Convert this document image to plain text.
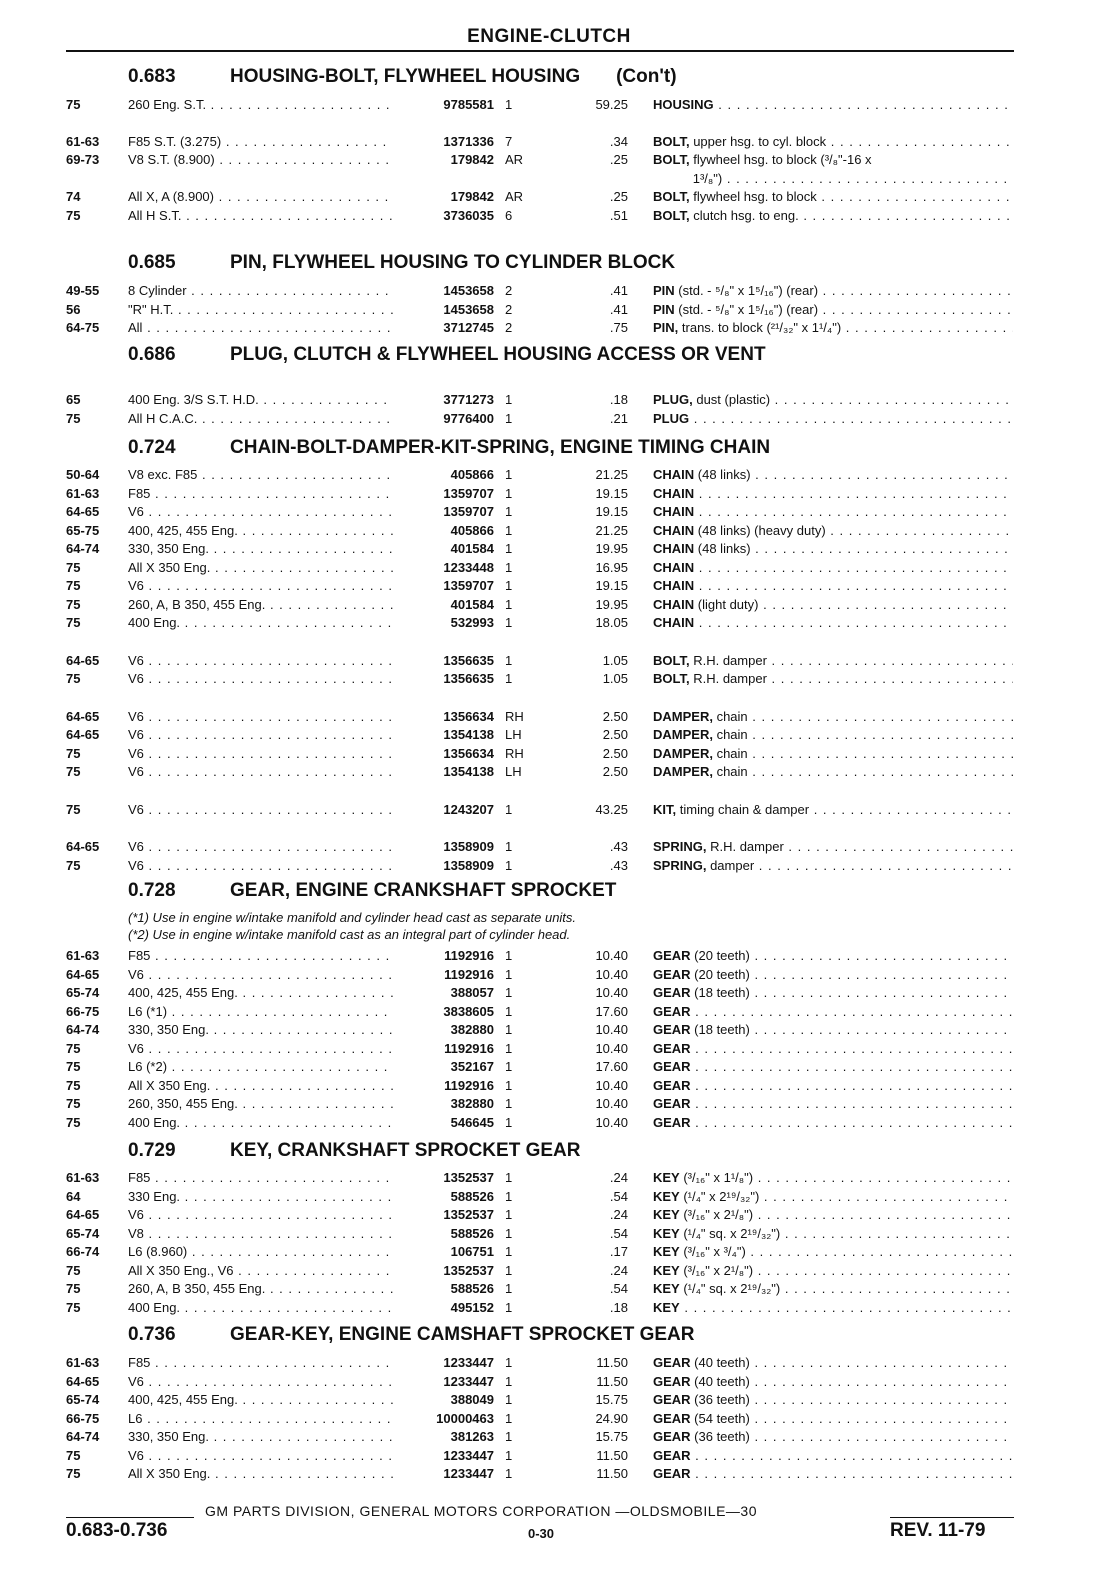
ENGINE-CLUTCH
0.683	HOUSING-BOLT, FLYWHEEL HOUSING (Con't)
75	260 Eng. S.T. . . .	9785581 1	59.25 HOUSING . . .
61-63 F85 S.T. (3.275) . . .	1371336 7	.34 BOLT, upper hsg. to cyl. block . . .
69-73 V8 S.T. (8.900) . . .	179842 AR	.25 BOLT, flywheel hsg. to block (³/₈"-16 x
1³/₈") . . .
74	All X, A (8.900) . . .	179842 AR	.25 BOLT, flywheel hsg. to block . . .
75	All H S.T. . . .	3736035 6	.51 BOLT, clutch hsg. to eng. . . .
0.685	PIN, FLYWHEEL HOUSING TO CYLINDER BLOCK
49-55 8 Cylinder . . .	1453658 2	.41 PIN (std. - ⁵/₈" x 1⁵/₁₆") (rear) . . .
56	"R" H.T. . . .	1453658 2	.41 PIN (std. - ⁵/₈" x 1⁵/₁₆") (rear) . . .
64-75 All . . .	3712745 2	.75 PIN, trans. to block (²¹/₃₂" x 1¹/₄") . . .
0.686	PLUG, CLUTCH & FLYWHEEL HOUSING ACCESS OR VENT
65	400 Eng. 3/S S.T. H.D. . . .	3771273 1	.18 PLUG, dust (plastic) . . .
75	All H C.A.C. . . .	9776400 1	.21 PLUG . . .
0.724	CHAIN-BOLT-DAMPER-KIT-SPRING, ENGINE TIMING CHAIN
50-64 V8 exc. F85 . . .	405866 1	21.25 CHAIN (48 links) . . .
61-63 F85 . . .	1359707 1	19.15 CHAIN . . .
64-65 V6 . . .	1359707 1	19.15 CHAIN . . .
65-75 400, 425, 455 Eng. . . .	405866 1	21.25 CHAIN (48 links) (heavy duty) . . .
64-74 330, 350 Eng. . . .	401584 1	19.95 CHAIN (48 links) . . .
75	All X 350 Eng. . . .	1233448 1	16.95 CHAIN . . .
75	V6 . . .	1359707 1	19.15 CHAIN . . .
75	260, A, B 350, 455 Eng. . . .	401584 1	19.95 CHAIN (light duty) . . .
75	400 Eng. . . .	532993 1	18.05 CHAIN . . .
64-65 V6 . . .	1356635 1	1.05 BOLT, R.H. damper . . .
75	V6 . . .	1356635 1	1.05 BOLT, R.H. damper . . .
64-65 V6 . . .	1356634 RH	2.50 DAMPER, chain . . .
64-65 V6 . . .	1354138 LH	2.50 DAMPER, chain . . .
75	V6 . . .	1356634 RH	2.50 DAMPER, chain . . .
75	V6 . . .	1354138 LH	2.50 DAMPER, chain . . .
75	V6 . . .	1243207 1	43.25 KIT, timing chain & damper . . .
64-65 V6 . . .	1358909 1	.43 SPRING, R.H. damper . . .
75	V6 . . .	1358909 1	.43 SPRING, damper . . .
0.728	GEAR, ENGINE CRANKSHAFT SPROCKET
(*1) Use in engine w/intake manifold and cylinder head cast as separate units.
(*2) Use in engine w/intake manifold cast as an integral part of cylinder head.
61-63 F85 . . .	1192916 1	10.40 GEAR (20 teeth) . . .
64-65 V6 . . .	1192916 1	10.40 GEAR (20 teeth) . . .
65-74 400, 425, 455 Eng. . . .	388057 1	10.40 GEAR (18 teeth) . . .
66-75 L6 (*1) . . .	3838605 1	17.60 GEAR . . .
64-74 330, 350 Eng. . . .	382880 1	10.40 GEAR (18 teeth) . . .
75	V6 . . .	1192916 1	10.40 GEAR . . .
75	L6 (*2) . . .	352167 1	17.60 GEAR . . .
75	All X 350 Eng. . . .	1192916 1	10.40 GEAR . . .
75	260, 350, 455 Eng. . . .	382880 1	10.40 GEAR . . .
75	400 Eng. . . .	546645 1	10.40 GEAR . . .
0.729	KEY, CRANKSHAFT SPROCKET GEAR
61-63 F85 . . .	1352537 1	.24 KEY (³/₁₆" x 1¹/₈") . . .
64	330 Eng. . . .	588526 1	.54 KEY (¹/₄" x 2¹⁹/₃₂") . . .
64-65 V6 . . .	1352537 1	.24 KEY (³/₁₆" x 2¹/₈") . . .
65-74 V8 . . .	588526 1	.54 KEY (¹/₄" sq. x 2¹⁹/₃₂") . . .
66-74 L6 (8.960) . . .	106751 1	.17 KEY (³/₁₆" x ³/₄") . . .
75	All X 350 Eng., V6 . . .	1352537 1	.24 KEY (³/₁₆" x 2¹/₈") . . .
75	260, A, B 350, 455 Eng. . . .	588526 1	.54 KEY (¹/₄" sq. x 2¹⁹/₃₂") . . .
75	400 Eng. . . .	495152 1	.18 KEY . . .
0.736	GEAR-KEY, ENGINE CAMSHAFT SPROCKET GEAR
61-63 F85 . . .	1233447 1	11.50 GEAR (40 teeth) . . .
64-65 V6 . . .	1233447 1	11.50 GEAR (40 teeth) . . .
65-74 400, 425, 455 Eng. . . .	388049 1	15.75 GEAR (36 teeth) . . .
66-75 L6 . . .	10000463 1	24.90 GEAR (54 teeth) . . .
64-74 330, 350 Eng. . . .	381263 1	15.75 GEAR (36 teeth) . . .
75	V6 . . .	1233447 1	11.50 GEAR . . .
75	All X 350 Eng. . . .	1233447 1	11.50 GEAR . . .
GM PARTS DIVISION, GENERAL MOTORS CORPORATION —OLDSMOBILE—30
0.683-0.736	0-30	REV. 11-79
